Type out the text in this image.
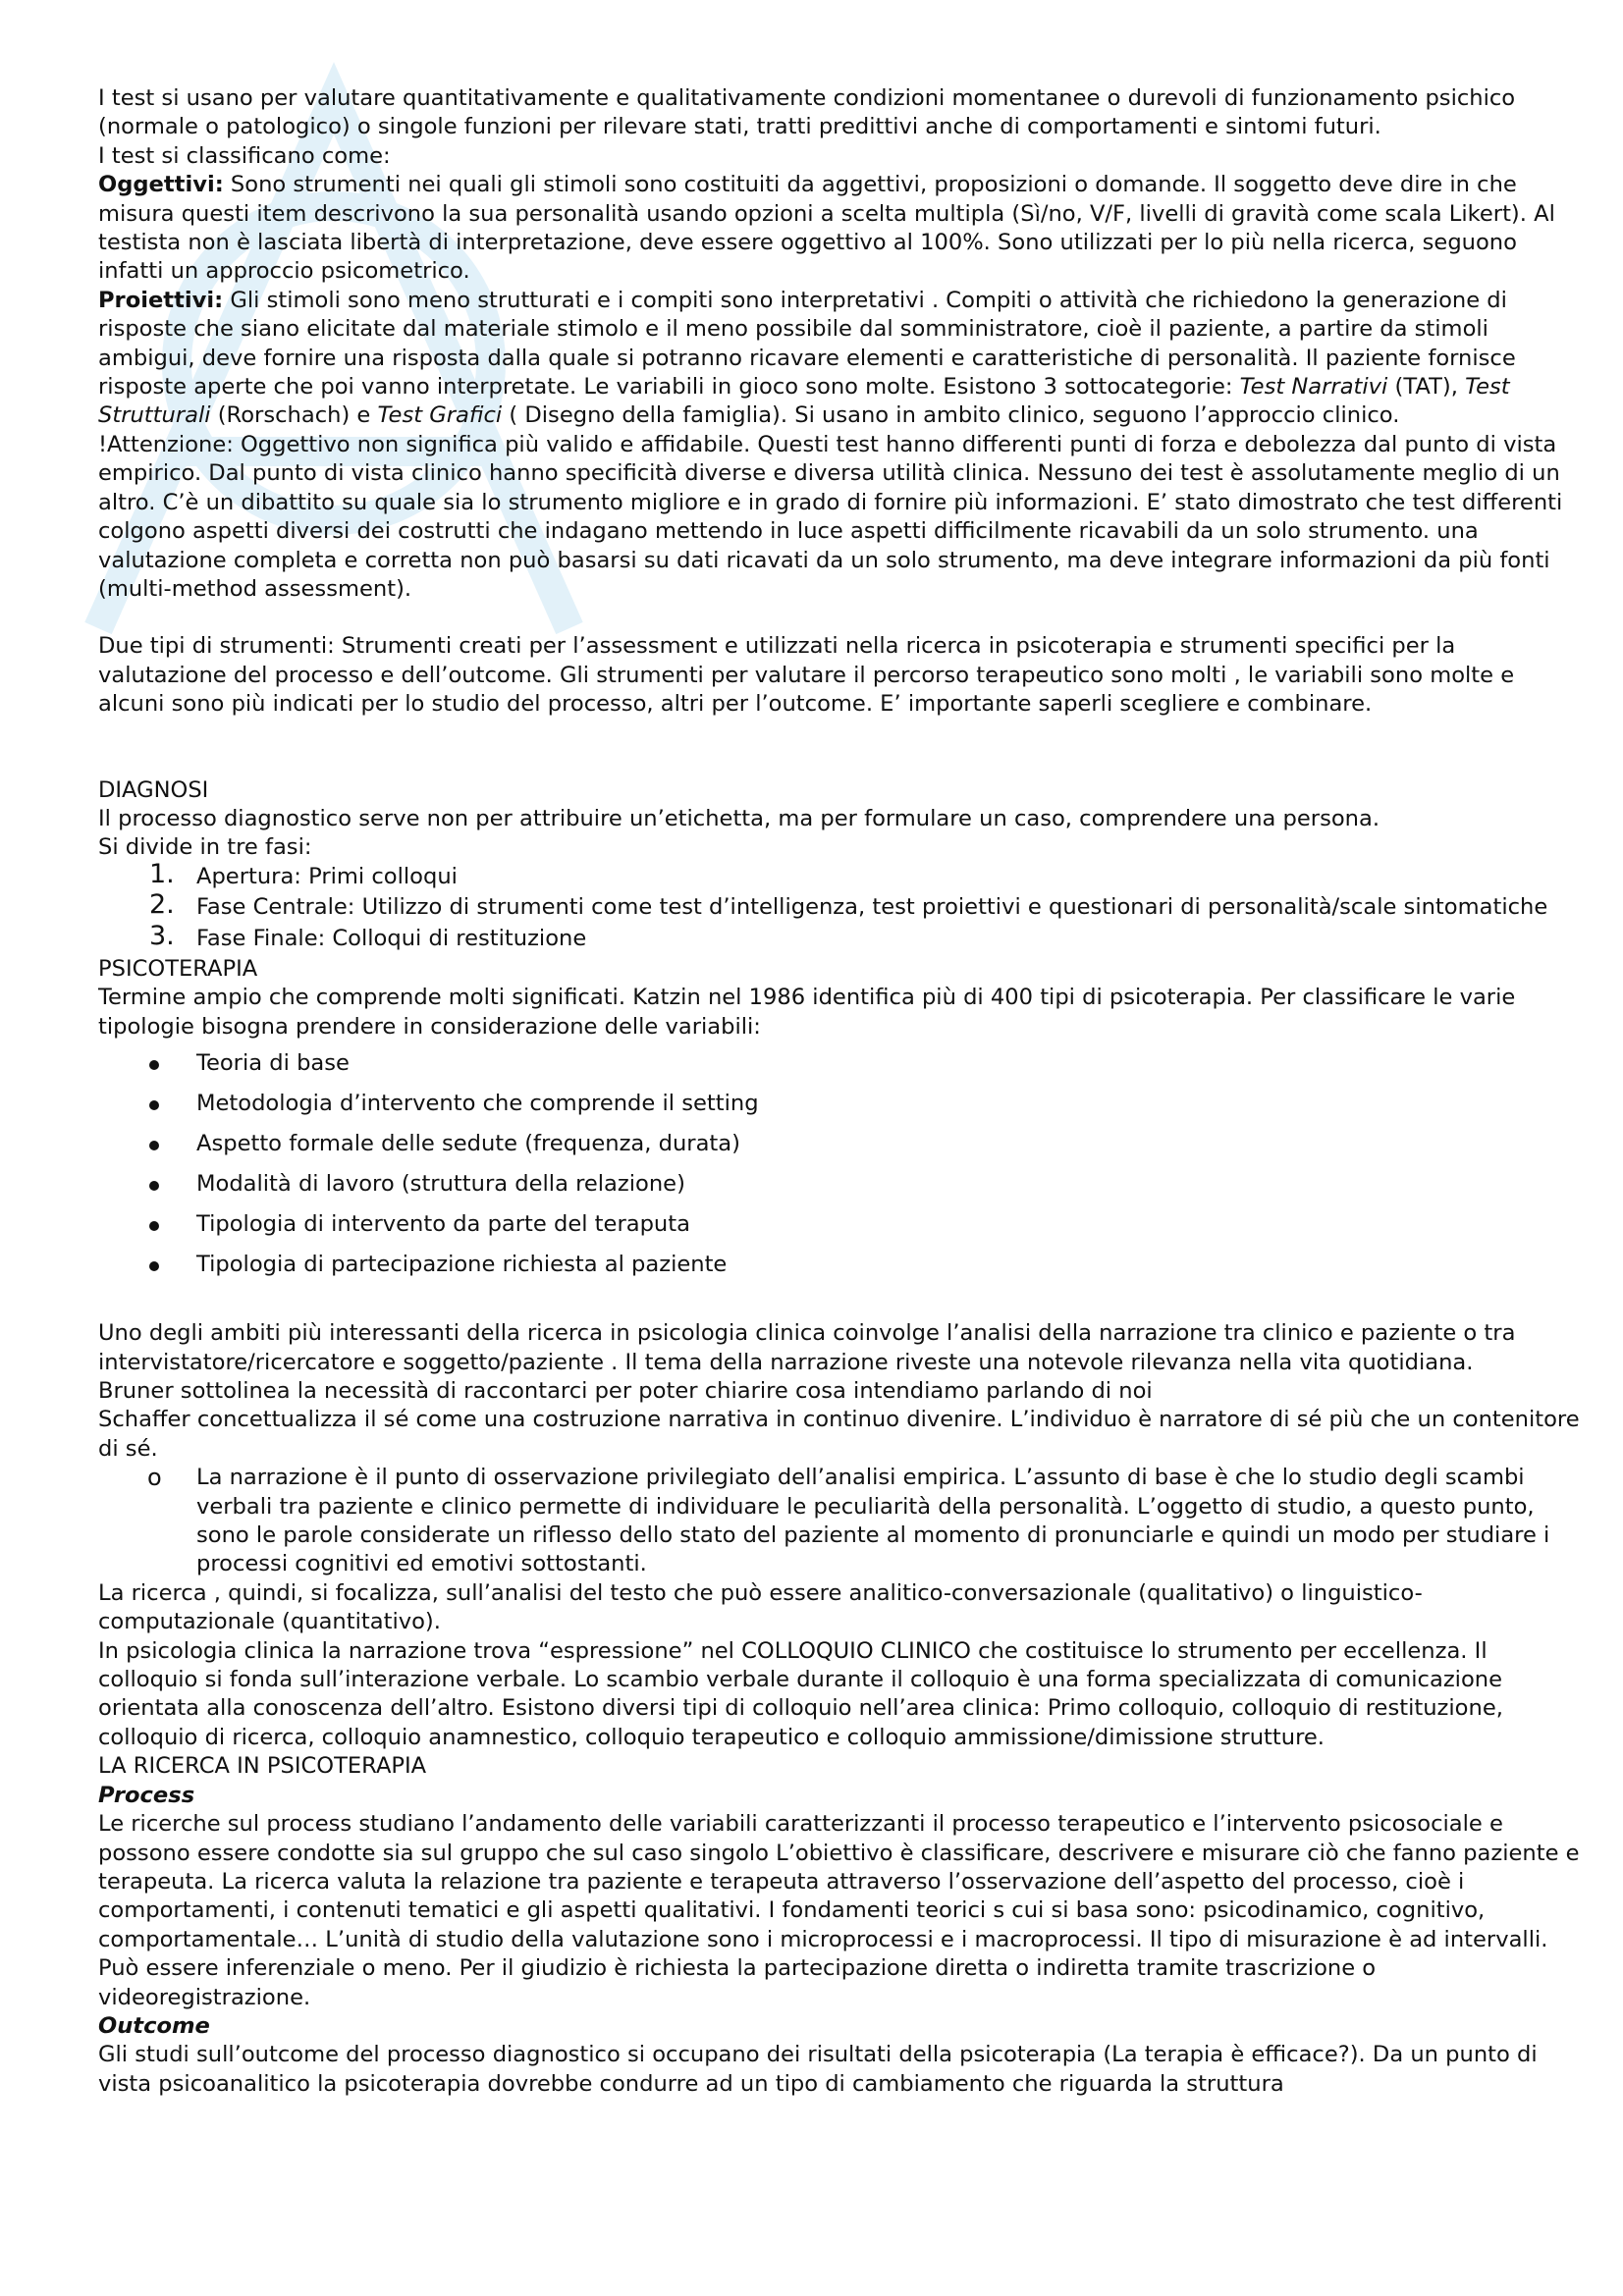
I test si usano per valutare quantitativamente e qualitativamente condizioni momentanee o durevoli di funzionamento psichico (normale o patologico) o singole funzioni per rilevare stati, tratti predittivi anche di comportamenti e sintomi futuri.

I test si classificano come:

Oggettivi: Sono strumenti nei quali gli stimoli sono costituiti da aggettivi, proposizioni o domande. Il soggetto deve dire in che misura questi item descrivono la sua personalità usando opzioni a scelta multipla (Sì/no, V/F, livelli di gravità come scala Likert). Al testista non è lasciata libertà di interpretazione, deve essere oggettivo al 100%. Sono utilizzati per lo più nella ricerca, seguono infatti un approccio psicometrico.

Proiettivi: Gli stimoli sono meno strutturati e i compiti sono interpretativi . Compiti o attività che richiedono la generazione di risposte che siano elicitate dal materiale stimolo e il meno possibile dal somministratore, cioè il paziente, a partire da stimoli ambigui, deve fornire una risposta dalla quale si potranno ricavare elementi e caratteristiche di personalità. Il paziente fornisce risposte aperte che poi vanno interpretate. Le variabili in gioco sono molte. Esistono 3 sottocategorie: Test Narrativi (TAT), Test Strutturali (Rorschach) e Test Grafici ( Disegno della famiglia). Si usano in ambito clinico, seguono l’approccio clinico.

!Attenzione: Oggettivo non significa più valido e affidabile. Questi test hanno differenti punti di forza e debolezza dal punto di vista empirico. Dal punto di vista clinico hanno specificità diverse e diversa utilità clinica. Nessuno dei test è assolutamente meglio di un altro. C’è un dibattito su quale sia lo strumento migliore e in grado di fornire più informazioni. E’ stato dimostrato che test differenti colgono aspetti diversi dei costrutti che indagano mettendo in luce aspetti difficilmente ricavabili da un solo strumento. una valutazione completa e corretta non può basarsi su dati ricavati da un solo strumento, ma deve integrare informazioni da più fonti (multi-method assessment).

Due tipi di strumenti: Strumenti creati per l’assessment e utilizzati nella ricerca in psicoterapia e strumenti specifici per la valutazione del processo e dell’outcome. Gli strumenti per valutare il percorso terapeutico sono molti , le variabili sono molte e alcuni sono più indicati per lo studio del processo, altri per l’outcome. E’ importante saperli scegliere e combinare.

DIAGNOSI

Il processo diagnostico serve non per attribuire un’etichetta, ma per formulare un caso, comprendere una persona.

Si divide in tre fasi:

1. Apertura: Primi colloqui
2. Fase Centrale: Utilizzo di strumenti come test d’intelligenza, test proiettivi e questionari di personalità/scale sintomatiche
3. Fase Finale: Colloqui di restituzione

PSICOTERAPIA

Termine ampio che comprende molti significati. Katzin nel 1986 identifica più di 400 tipi di psicoterapia. Per classificare le varie tipologie bisogna prendere in considerazione delle variabili:

Teoria di base
Metodologia d’intervento che comprende il setting
Aspetto formale delle sedute (frequenza, durata)
Modalità di lavoro (struttura della relazione)
Tipologia di intervento da parte del teraputa
Tipologia di partecipazione richiesta al paziente

Uno degli ambiti più interessanti della ricerca in psicologia clinica coinvolge l’analisi della narrazione tra clinico e paziente o tra intervistatore/ricercatore e soggetto/paziente . Il tema della narrazione riveste una notevole rilevanza nella vita quotidiana.

Bruner sottolinea la necessità di raccontarci per poter chiarire cosa intendiamo parlando di noi

Schaffer concettualizza il sé come una costruzione narrativa in continuo divenire. L’individuo è narratore di sé più che un contenitore di sé.

o La narrazione è il punto di osservazione privilegiato dell’analisi empirica. L’assunto di base è che lo studio degli scambi verbali tra paziente e clinico permette di individuare le peculiarità della personalità. L’oggetto di studio, a questo punto, sono le parole considerate un riflesso dello stato del paziente al momento di pronunciarle e quindi un modo per studiare i processi cognitivi ed emotivi sottostanti.

La ricerca , quindi, si focalizza, sull’analisi del testo che può essere analitico-conversazionale (qualitativo) o linguistico-computazionale (quantitativo).

In psicologia clinica la narrazione trova “espressione” nel COLLOQUIO CLINICO che costituisce lo strumento per eccellenza. Il colloquio si fonda sull’interazione verbale. Lo scambio verbale durante il colloquio è una forma specializzata di comunicazione orientata alla conoscenza dell’altro. Esistono diversi tipi di colloquio nell’area clinica: Primo colloquio, colloquio di restituzione, colloquio di ricerca, colloquio anamnestico, colloquio terapeutico e colloquio ammissione/dimissione strutture.

LA RICERCA IN PSICOTERAPIA

Process

Le ricerche sul process studiano l’andamento delle variabili caratterizzanti il processo terapeutico e l’intervento psicosociale e possono essere condotte sia sul gruppo che sul caso singolo L’obiettivo è classificare, descrivere e misurare ciò che fanno paziente e terapeuta. La ricerca valuta la relazione tra paziente e terapeuta attraverso l’osservazione dell’aspetto del processo, cioè i comportamenti, i contenuti tematici e gli aspetti qualitativi. I fondamenti teorici s cui si basa sono: psicodinamico, cognitivo, comportamentale… L’unità di studio della valutazione sono i microprocessi e i macroprocessi. Il tipo di misurazione è ad intervalli. Può essere inferenziale o meno. Per il giudizio è richiesta la partecipazione diretta o indiretta tramite trascrizione o videoregistrazione.

Outcome

Gli studi sull’outcome del processo diagnostico si occupano dei risultati della psicoterapia (La terapia è efficace?). Da un punto di vista psicoanalitico la psicoterapia dovrebbe condurre ad un tipo di cambiamento che riguarda la struttura
